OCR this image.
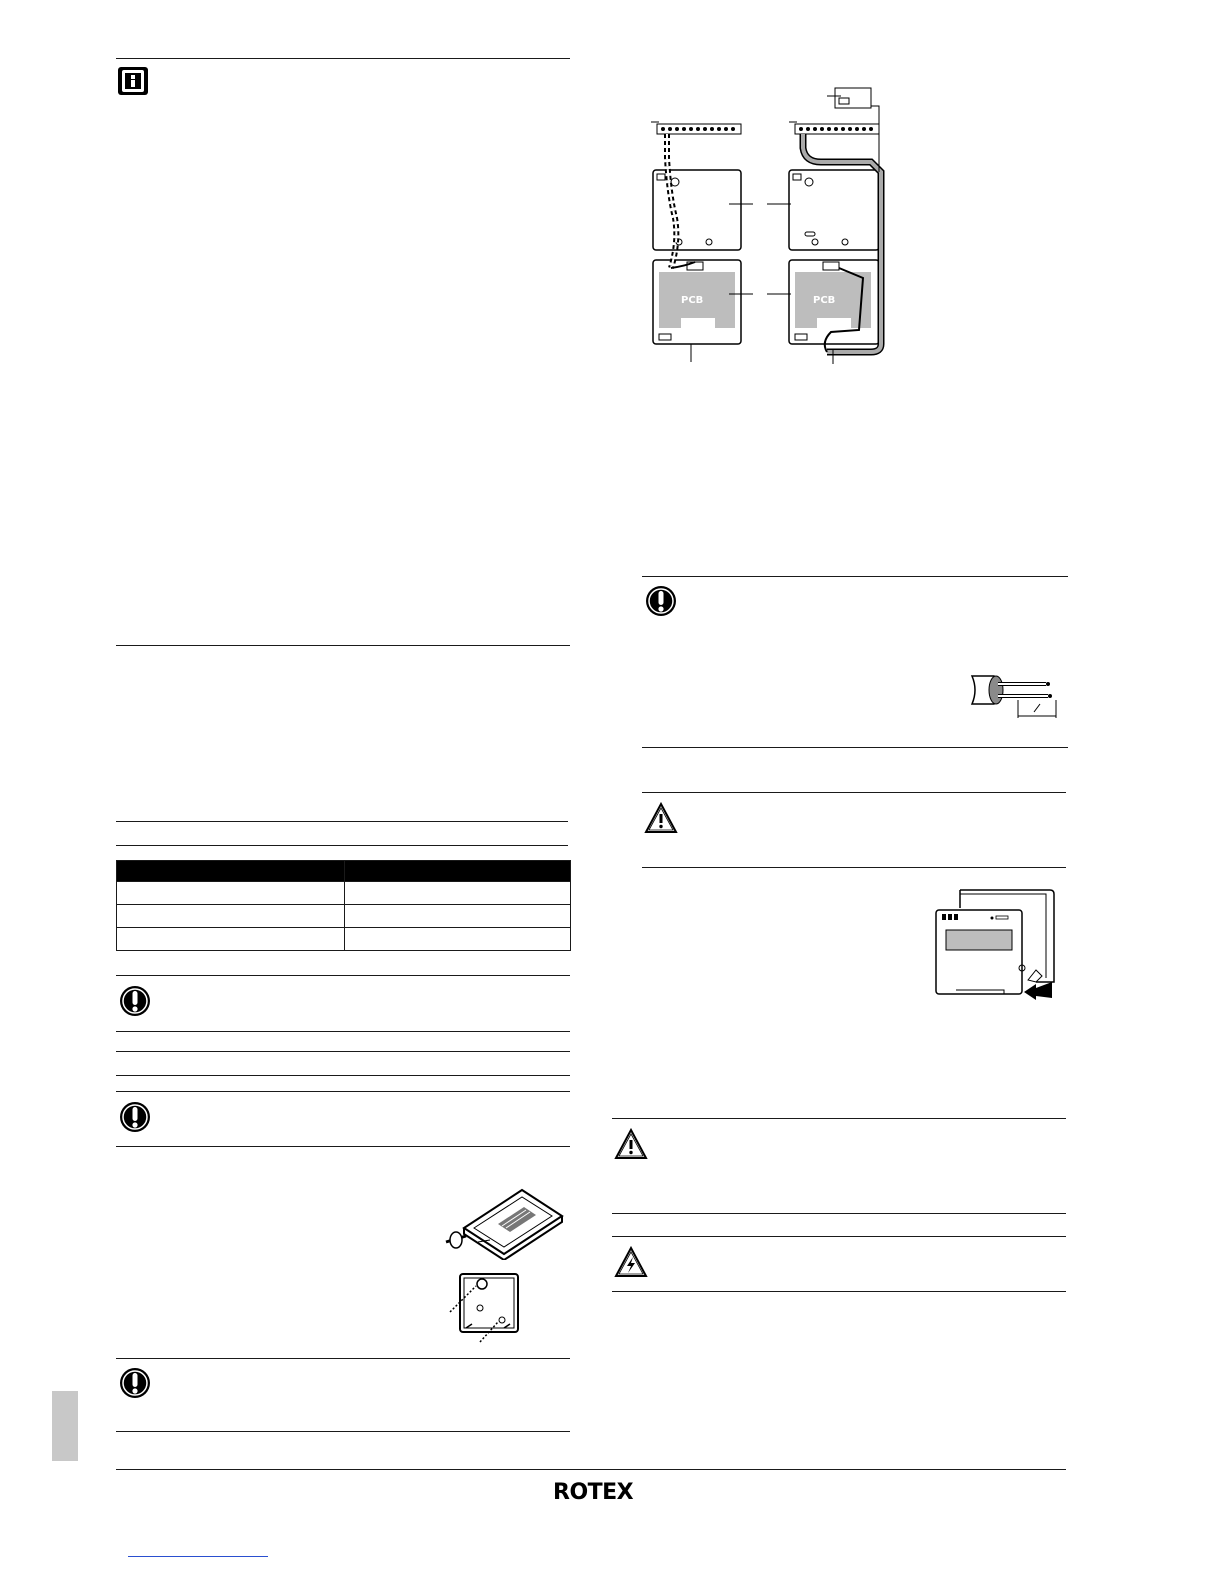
PCB	PCB
ROTEX
